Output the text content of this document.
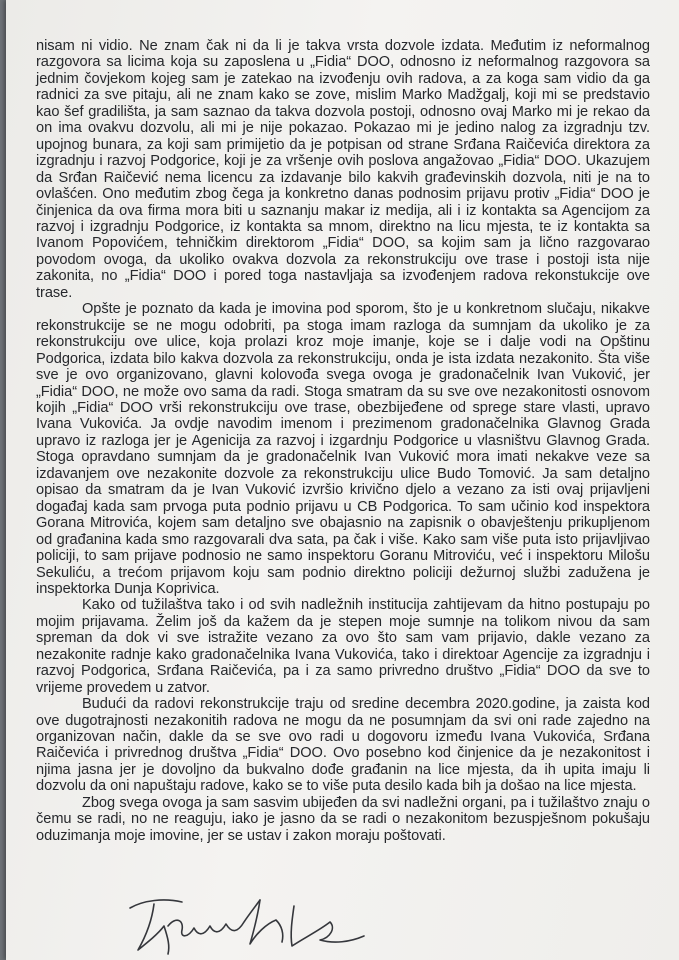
nisam ni vidio. Ne znam čak ni da li je takva vrsta dozvole izdata. Međutim iz neformalnog razgovora sa licima koja su zaposlena u „Fidia“ DOO, odnosno iz neformalnog razgovora sa jednim čovjekom kojeg sam je zatekao na izvođenju ovih radova, a za koga sam vidio da ga radnici za sve pitaju, ali ne znam kako se zove, mislim Marko Madžgalj, koji mi se predstavio kao šef gradilišta, ja sam saznao da takva dozvola postoji, odnosno ovaj Marko mi je rekao da on ima ovakvu dozvolu, ali mi je nije pokazao. Pokazao mi je jedino nalog za izgradnju tzv. upojnog bunara, za koji sam primijetio da je potpisan od strane Srđana Raičevića direktora za izgradnju i razvoj Podgorice, koji je za vršenje ovih poslova angažovao „Fidia“ DOO. Ukazujem da Srđan Raičević nema licencu za izdavanje bilo kakvih građevinskih dozvola, niti je na to ovlašćen. Ono međutim zbog čega ja konkretno danas podnosim prijavu protiv „Fidia“ DOO je činjenica da ova firma mora biti u saznanju makar iz medija, ali i iz kontakta sa Agencijom za razvoj i izgradnju Podgorice, iz kontakta sa mnom, direktno na licu mjesta, te iz kontakta sa Ivanom Popovićem, tehničkim direktorom „Fidia“ DOO, sa kojim sam ja lično razgovarao povodom ovoga, da ukoliko ovakva dozvola za rekonstrukciju ove trase i postoji ista nije zakonita, no „Fidia“ DOO i pored toga nastavljaja sa izvođenjem radova rekonstukcije ove trase.

Opšte je poznato da kada je imovina pod sporom, što je u konkretnom slučaju, nikakve rekonstrukcije se ne mogu odobriti, pa stoga imam razloga da sumnjam da ukoliko je za rekonstrukciju ove ulice, koja prolazi kroz moje imanje, koje se i dalje vodi na Opštinu Podgorica, izdata bilo kakva dozvola za rekonstrukciju, onda je ista izdata nezakonito. Šta više sve je ovo organizovano, glavni kolovođa svega ovoga je gradonačelnik Ivan Vuković, jer „Fidia“ DOO, ne može ovo sama da radi. Stoga smatram da su sve ove nezakonitosti osnovom kojih „Fidia“ DOO vrši rekonstrukciju ove trase, obezbijeđene od sprege stare vlasti, upravo Ivana Vukovića. Ja ovdje navodim imenom i prezimenom gradonačelnika Glavnog Grada upravo iz razloga jer je Agenicija za razvoj i izgardnju Podgorice u vlasništvu Glavnog Grada. Stoga opravdano sumnjam da je gradonačelnik Ivan Vuković mora imati nekakve veze sa izdavanjem ove nezakonite dozvole za rekonstrukciju ulice Budo Tomović. Ja sam detaljno opisao da smatram da je Ivan Vuković izvršio krivično djelo a vezano za isti ovaj prijavljeni događaj kada sam prvoga puta podnio prijavu u CB Podgorica. To sam učinio kod inspektora Gorana Mitrovića, kojem sam detaljno sve obajasnio na zapisnik o obavještenju prikupljenom od građanina kada smo razgovarali dva sata, pa čak i više. Kako sam više puta isto prijavljivao policiji, to sam prijave podnosio ne samo inspektoru Goranu Mitroviću, već i inspektoru Milošu Sekuliću, a trećom prijavom koju sam podnio direktno policiji dežurnoj službi zadužena je inspektorka Dunja Koprivica.

Kako od tužilaštva tako i od svih nadležnih institucija zahtijevam da hitno postupaju po mojim prijavama. Želim još da kažem da je stepen moje sumnje na tolikom nivou da sam spreman da dok vi sve istražite vezano za ovo što sam vam prijavio, dakle vezano za nezakonite radnje kako gradonačelnika Ivana Vukovića, tako i direktoar Agencije za izgradnju i razvoj Podgorica, Srđana Raičevića, pa i za samo privredno društvo „Fidia“ DOO da sve to vrijeme provedem u zatvor.

Budući da radovi rekonstrukcije traju od sredine decembra 2020.godine, ja zaista kod ove dugotrajnosti nezakonitih radova ne mogu da ne posumnjam da svi oni rade zajedno na organizovan način, dakle da se sve ovo radi u dogovoru između Ivana Vukovića, Srđana Raičevića i privrednog društva „Fidia“ DOO. Ovo posebno kod činjenice da je nezakonitost i njima jasna jer je dovoljno da bukvalno dođe građanin na lice mjesta, da ih upita imaju li dozvolu da oni napuštaju radove, kako se to više puta desilo kada bih ja došao na lice mjesta.

Zbog svega ovoga ja sam sasvim ubijeđen da svi nadležni organi, pa i tužilaštvo znaju o čemu se radi, no ne reaguju, iako je jasno da se radi o nezakonitom bezuspješnom pokušaju oduzimanja moje imovine, jer se ustav i zakon moraju poštovati.
